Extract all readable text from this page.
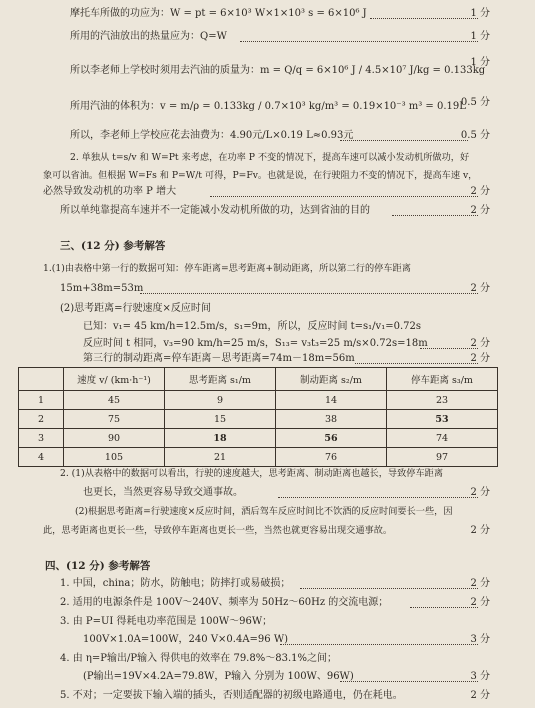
摩托车所做的功应为：W = pt = 6×10³ W×1×10³ s = 6×10⁶ J	1 分
所用的汽油放出的热量应为：Q=W	1 分
所以李老师上学校时须用去汽油的质量为：m = Q/q = 6×10⁶ J / 4.5×10⁷ J/kg = 0.133kg
1 分
所用汽油的体积为：v = m/ρ = 0.133kg / 0.7×10³ kg/m³ = 0.19×10⁻³ m³ = 0.19L
0.5 分
所以，李老师上学校应花去油费为：4.90元/L×0.19 L≈0.93元	0.5 分
2. 单独从 t=s/v 和 W=Pt 来考虑，在功率 P 不变的情况下，提高车速可以减小发动机所做功，好
象可以省油。但根据 W=Fs 和 P=W/t 可得，P=Fv。也就是说，在行驶阻力不变的情况下，提高车速 v，
必然导致发动机的功率 P 增大	2 分
所以单纯靠提高车速并不一定能减小发动机所做的功，达到省油的目的	2 分
三、(12 分) 参考解答
1.(1)由表格中第一行的数据可知：停车距离=思考距离+制动距离，所以第二行的停车距离
15m+38m=53m	2 分
(2)思考距离=行驶速度×反应时间
已知：v₁= 45 km/h=12.5m/s，s₁=9m，所以，反应时间 t=s₁/v₁=0.72s
反应时间 t 相同，v₃=90 km/h=25 m/s，S₁₃= v₃t₃=25 m/s×0.72s=18m	2 分
第三行的制动距离=停车距离－思考距离=74m－18m=56m	2 分
	速度 v/ (km·h⁻¹)	思考距离 s₁/m	制动距离 s₂/m	停车距离 s₃/m
1	45	9	14	23
2	75	15	38	53
3	90	18	56	74
4	105	21	76	97
2. (1)从表格中的数据可以看出，行驶的速度越大，思考距离、制动距离也越长，导致停车距离
也更长，当然更容易导致交通事故。	2 分
(2)根据思考距离=行驶速度×反应时间，酒后驾车反应时间比不饮酒的反应时间要长一些，因
此，思考距离也更长一些，导致停车距离也更长一些，当然也就更容易出现交通事故。	2 分
四、(12 分) 参考解答
1. 中国，china；防水，防触电；防摔打或易破损；	2 分
2. 适用的电源条件是 100V～240V、频率为 50Hz～60Hz 的交流电源；	2 分
3. 由 P=UI 得耗电功率范围是 100W～96W；
100V×1.0A=100W，240 V×0.4A=96 W)	3 分
4. 由 η=P输出/P输入 得供电的效率在 79.8%～83.1%之间；
(P输出=19V×4.2A=79.8W，P输入 分别为 100W、96W)	3 分
5. 不对；一定要拔下输入端的插头，否则适配器的初级电路通电，仍在耗电。	2 分
